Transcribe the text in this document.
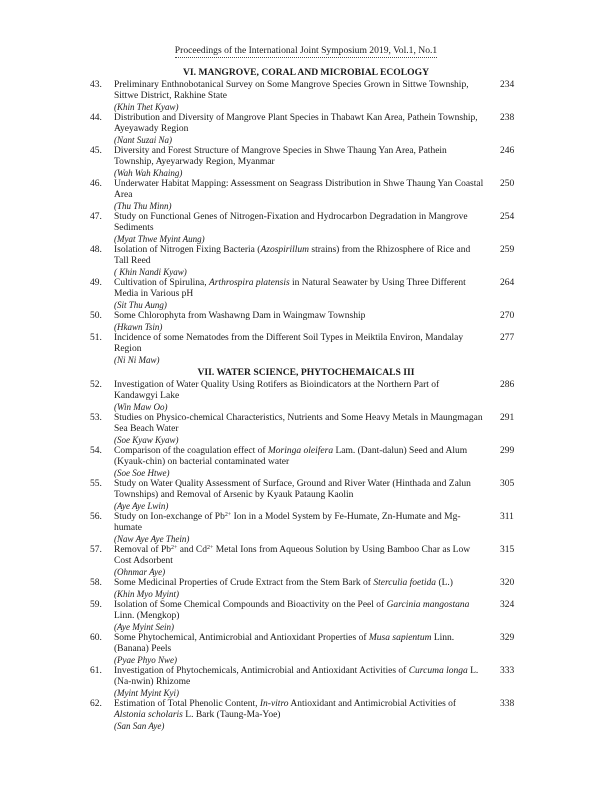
Proceedings of the International Joint Symposium 2019, Vol.1, No.1
VI. MANGROVE, CORAL AND MICROBIAL ECOLOGY
43. Preliminary Enthnobotanical Survey on Some Mangrove Species Grown in Sittwe Township, Sittwe District, Rakhine State
(Khin Thet Kyaw)
234
44. Distribution and Diversity of Mangrove Plant Species in Thabawt Kan Area, Pathein Township, Ayeyawady Region
(Nant Suzai Na)
238
45. Diversity and Forest Structure of Mangrove Species in Shwe Thaung Yan Area, Pathein Township, Ayeyarwady Region, Myanmar
(Wah Wah Khaing)
246
46. Underwater Habitat Mapping: Assessment on Seagrass Distribution in Shwe Thaung Yan Coastal Area
(Thu Thu Minn)
250
47. Study on Functional Genes of Nitrogen-Fixation and Hydrocarbon Degradation in Mangrove Sediments
(Myat Thwe Myint Aung)
254
48. Isolation of Nitrogen Fixing Bacteria (Azospirillum strains) from the Rhizosphere of Rice and Tall Reed
( Khin Nandi Kyaw)
259
49. Cultivation of Spirulina, Arthrospira platensis in Natural Seawater by Using Three Different Media in Various pH
(Sit Thu Aung)
264
50. Some Chlorophyta from Washawng Dam in Waingmaw Township
(Hkawn Tsin)
270
51. Incidence of some Nematodes from the Different Soil Types in Meiktila Environ, Mandalay Region
(Ni Ni Maw)
277
VII. WATER SCIENCE, PHYTOCHEMAICALS III
52. Investigation of Water Quality Using Rotifers as Bioindicators at the Northern Part of Kandawgyi Lake
(Win Maw Oo)
286
53. Studies on Physico-chemical Characteristics, Nutrients and Some Heavy Metals in Maungmagan Sea Beach Water
(Soe Kyaw Kyaw)
291
54. Comparison of the coagulation effect of Moringa oleifera Lam. (Dant-dalun) Seed and Alum (Kyauk-chin) on bacterial contaminated water
(Soe Soe Htwe)
299
55. Study on Water Quality Assessment of Surface, Ground and River Water (Hinthada and Zalun Townships) and Removal of Arsenic by Kyauk Pataung Kaolin
(Aye Aye Lwin)
305
56. Study on Ion-exchange of $Pb^{2+}$ Ion in a Model System by Fe-Humate, Zn-Humate and Mg-humate
(Naw Aye Aye Thein)
311
57. Removal of $Pb^{2+}$ and $Cd^{2+}$ Metal Ions from Aqueous Solution by Using Bamboo Char as Low Cost Adsorbent
(Ohnmar Aye)
315
58. Some Medicinal Properties of Crude Extract from the Stem Bark of Sterculia foetida (L.)
(Khin Myo Myint)
320
59. Isolation of Some Chemical Compounds and Bioactivity on the Peel of Garcinia mangostana Linn. (Mengkop)
(Aye Myint Sein)
324
60. Some Phytochemical, Antimicrobial and Antioxidant Properties of Musa sapientum Linn. (Banana) Peels
(Pyae Phyo Nwe)
329
61. Investigation of Phytochemicals, Antimicrobial and Antioxidant Activities of Curcuma longa L. (Na-nwin) Rhizome
(Myint Myint Kyi)
333
62. Estimation of Total Phenolic Content, In-vitro Antioxidant and Antimicrobial Activities of Alstonia scholaris L. Bark (Taung-Ma-Yoe)
(San San Aye)
338
